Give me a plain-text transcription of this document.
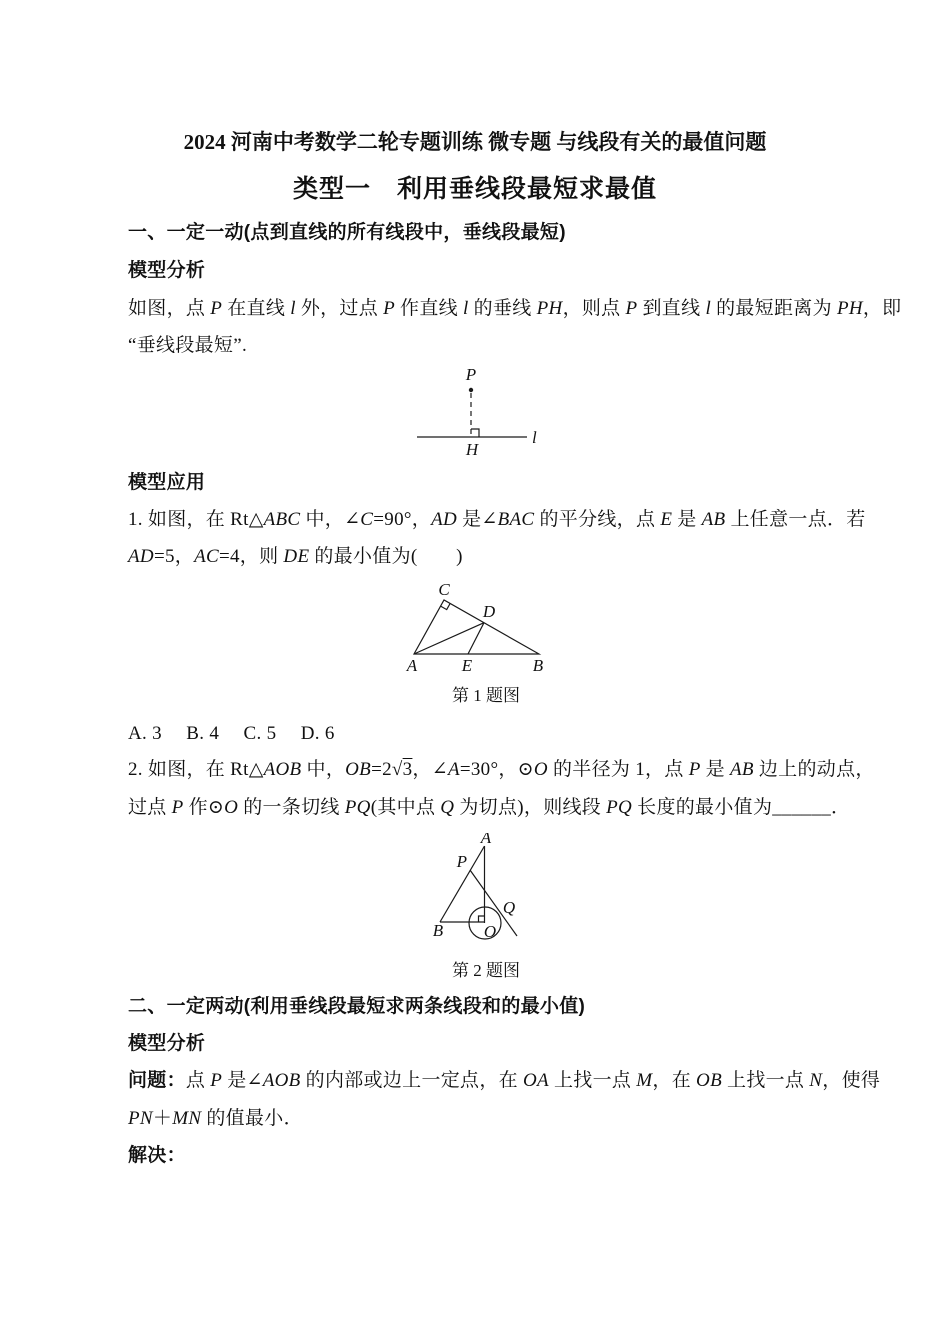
2024 河南中考数学二轮专题训练 微专题 与线段有关的最值问题
类型一　利用垂线段最短求最值
一、一定一动(点到直线的所有线段中，垂线段最短)
模型分析
如图，点 P 在直线 l 外，过点 P 作直线 l 的垂线 PH，则点 P 到直线 l 的最短距离为 PH，即
“垂线段最短”.
P
l
H
模型应用
1. 如图，在 Rt△ABC 中，∠C=90°，AD 是∠BAC 的平分线，点 E 是 AB 上任意一点．若
AD=5，AC=4，则 DE 的最小值为(　　)
C
D
A	E	B
第 1 题图
A. 3　 B. 4　 C. 5　 D. 6
2. 如图，在 Rt△AOB 中，OB=2√3，∠A=30°，⊙O 的半径为 1，点 P 是 AB 边上的动点，
过点 P 作⊙O 的一条切线 PQ(其中点 Q 为切点)，则线段 PQ 长度的最小值为______．
A
P
B O
Q
第 2 题图
二、一定两动(利用垂线段最短求两条线段和的最小值)
模型分析
问题：点 P 是∠AOB 的内部或边上一定点，在 OA 上找一点 M，在 OB 上找一点 N，使得
PN＋MN 的值最小．
解决：
